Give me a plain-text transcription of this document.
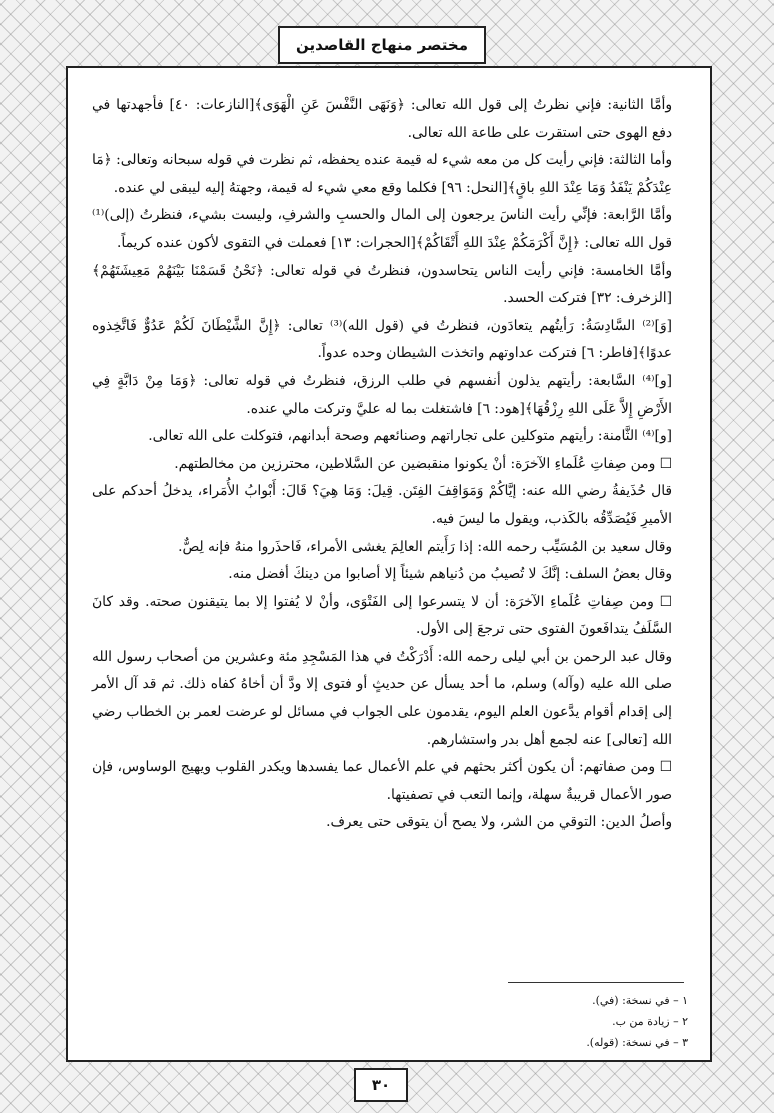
مختصر منهاج القاصدين

وأمَّا الثانية: فإني نظرتُ إلى قول الله تعالى: ﴿وَنَهَى النَّفْسَ عَنِ الْهَوَى﴾[النازعات: ٤٠] فأجهدتها في دفع الهوى حتى استقرت على طاعة الله تعالى.

وأما الثالثة: فإني رأيت كل من معه شيء له قيمة عنده يحفظه، ثم نظرت في قوله سبحانه وتعالى: ﴿مَا عِنْدَكُمْ يَنْفَدُ وَمَا عِنْدَ اللهِ باقٍ﴾[النحل: ٩٦] فكلما وقع معي شيء له قيمة، وجهتهُ إليه ليبقى لي عنده.

وأمَّا الرَّابعة: فإنِّي رأيت الناسَ يرجعون إلى المال والحسبِ والشرفِ، وليست بشيء، فنظرتُ (إلى)⁽¹⁾ قول الله تعالى: ﴿إِنَّ أَكْرَمَكُمْ عِنْدَ اللهِ أَتْقَاكُمْ﴾[الحجرات: ١٣] فعملت في التقوى لأكون عنده كريماً.

وأمَّا الخامسة: فإني رأيت الناس يتحاسدون، فنظرتُ في قوله تعالى: ﴿نَحْنُ قَسَمْنَا بَيْنَهُمْ مَعِيشَتَهُمْ﴾[الزخرف: ٣٢] فتركت الحسد.

[وَ]⁽²⁾ السَّادِسَةُ: رَأيتُهم يتعادَون، فنظرتُ في (قول الله)⁽³⁾ تعالى: ﴿إِنَّ الشَّيْطَانَ لَكُمْ عَدُوٌّ فَاتَّخِذوه عدوًا﴾[فاطر: ٦] فتركت عداوتهم واتخذت الشيطان وحده عدواً.

[و]⁽⁴⁾ السَّابعة: رأيتهم يذلون أنفسهم في طلب الرزق، فنظرتُ في قوله تعالى: ﴿وَمَا مِنْ دَابَّةٍ فِي الأَرْضِ إِلاَّ عَلَى اللهِ رِزْقُهَا﴾[هود: ٦] فاشتغلت بما له عليَّ وتركت مالي عنده.

[و]⁽⁴⁾ الثَّامنة: رأيتهم متوكلين على تجاراتهم وصنائعهم وصحة أبدانهم، فتوكلت على الله تعالى.

☐ ومن صِفاتِ عُلَماءِ الآخرَة: أنْ يكونوا منقبضين عن السَّلاطين، محترزين من مخالطتهم.

قال حُذَيفةُ رضي الله عنه: إيَّاكُمْ وَمَوَاقِفَ الفِتَن. قِيلَ: وَمَا هِيَ؟ قَالَ: أَبْوابُ الأُمَراء، يدخلُ أحدكم على الأميرِ فَيُصَدِّقُه بالكَذب، ويقول ما ليسَ فيه.

وقال سعيد بن المُسَيِّب رحمه الله: إذا رَأَيتم العالِمَ يغشى الأمراء، فَاحذَروا منهُ فإنه لِصٌّ.

وقال بعضُ السلف: إنَّكَ لا تُصيبُ من دُنياهم شيئاً إلا أصابوا من دينكَ أفضل منه.

☐ ومن صِفاتِ عُلَماءِ الآخرَة: أن لا يتسرعوا إلى الفَتْوَى، وأنْ لا يُفتوا إلا بما يتيقنون صحته. وقد كانَ السَّلَفُ يتدافَعونَ الفتوى حتى ترجعَ إلى الأول.

وقال عبد الرحمن بن أبي ليلى رحمه الله: أَدْرَكْتُ في هذا المَسْجِدِ مئة وعشرين من أصحاب رسول الله صلى الله عليه (وآله) وسلم، ما أحد يسأل عن حديثٍ أو فتوى إلا ودَّ أن أخاهُ كفاه ذلك. ثم قد آل الأمر إلى إقدام أقوام يدَّعون العلم اليوم، يقدمون على الجواب في مسائل لو عرضت لعمر بن الخطاب رضي الله [تعالى] عنه لجمع أهل بدر واستشارهم.

☐ ومن صفاتهم: أن يكون أكثر بحثهم في علم الأعمال عما يفسدها ويكدر القلوب ويهيج الوساوس، فإن صور الأعمال قريبةٌ سهلة، وإنما التعب في تصفيتها.

وأصلُ الدين: التوقي من الشر، ولا يصح أن يتوقى حتى يعرف.

١ – في نسخة: (في).
٢ – زيادة من ب.
٣ – في نسخة: (قوله).
٣٠
